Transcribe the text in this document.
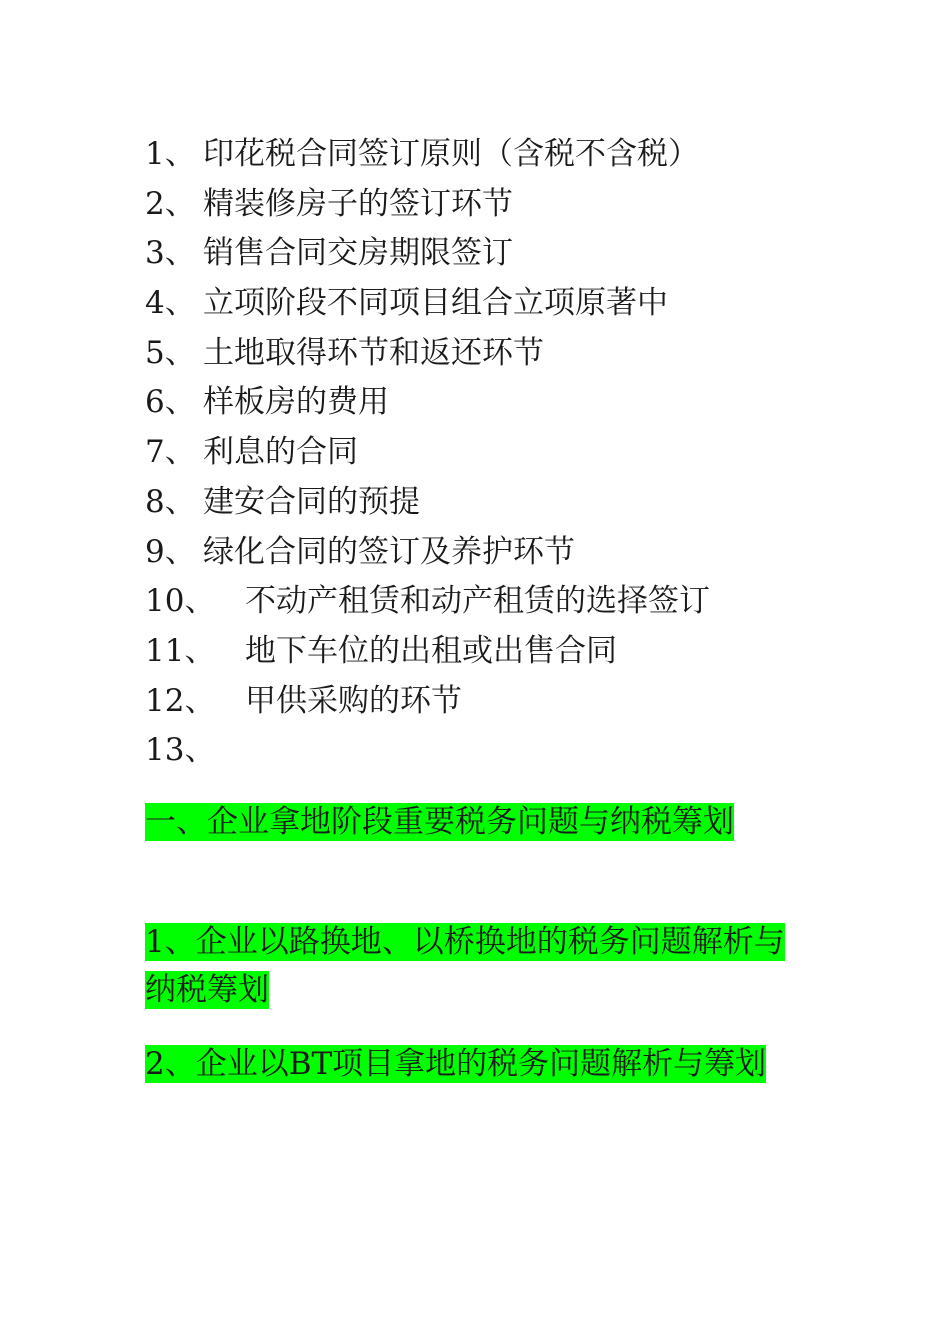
1、 印花税合同签订原则（含税不含税）
2、 精装修房子的签订环节
3、 销售合同交房期限签订
4、 立项阶段不同项目组合立项原著中
5、 土地取得环节和返还环节
6、 样板房的费用
7、 利息的合同
8、 建安合同的预提
9、 绿化合同的签订及养护环节
10、 不动产租赁和动产租赁的选择签订
11、 地下车位的出租或出售合同
12、 甲供采购的环节
13、

一、企业拿地阶段重要税务问题与纳税筹划

1、企业以路换地、以桥换地的税务问题解析与纳税筹划

2、企业以BT项目拿地的税务问题解析与筹划
